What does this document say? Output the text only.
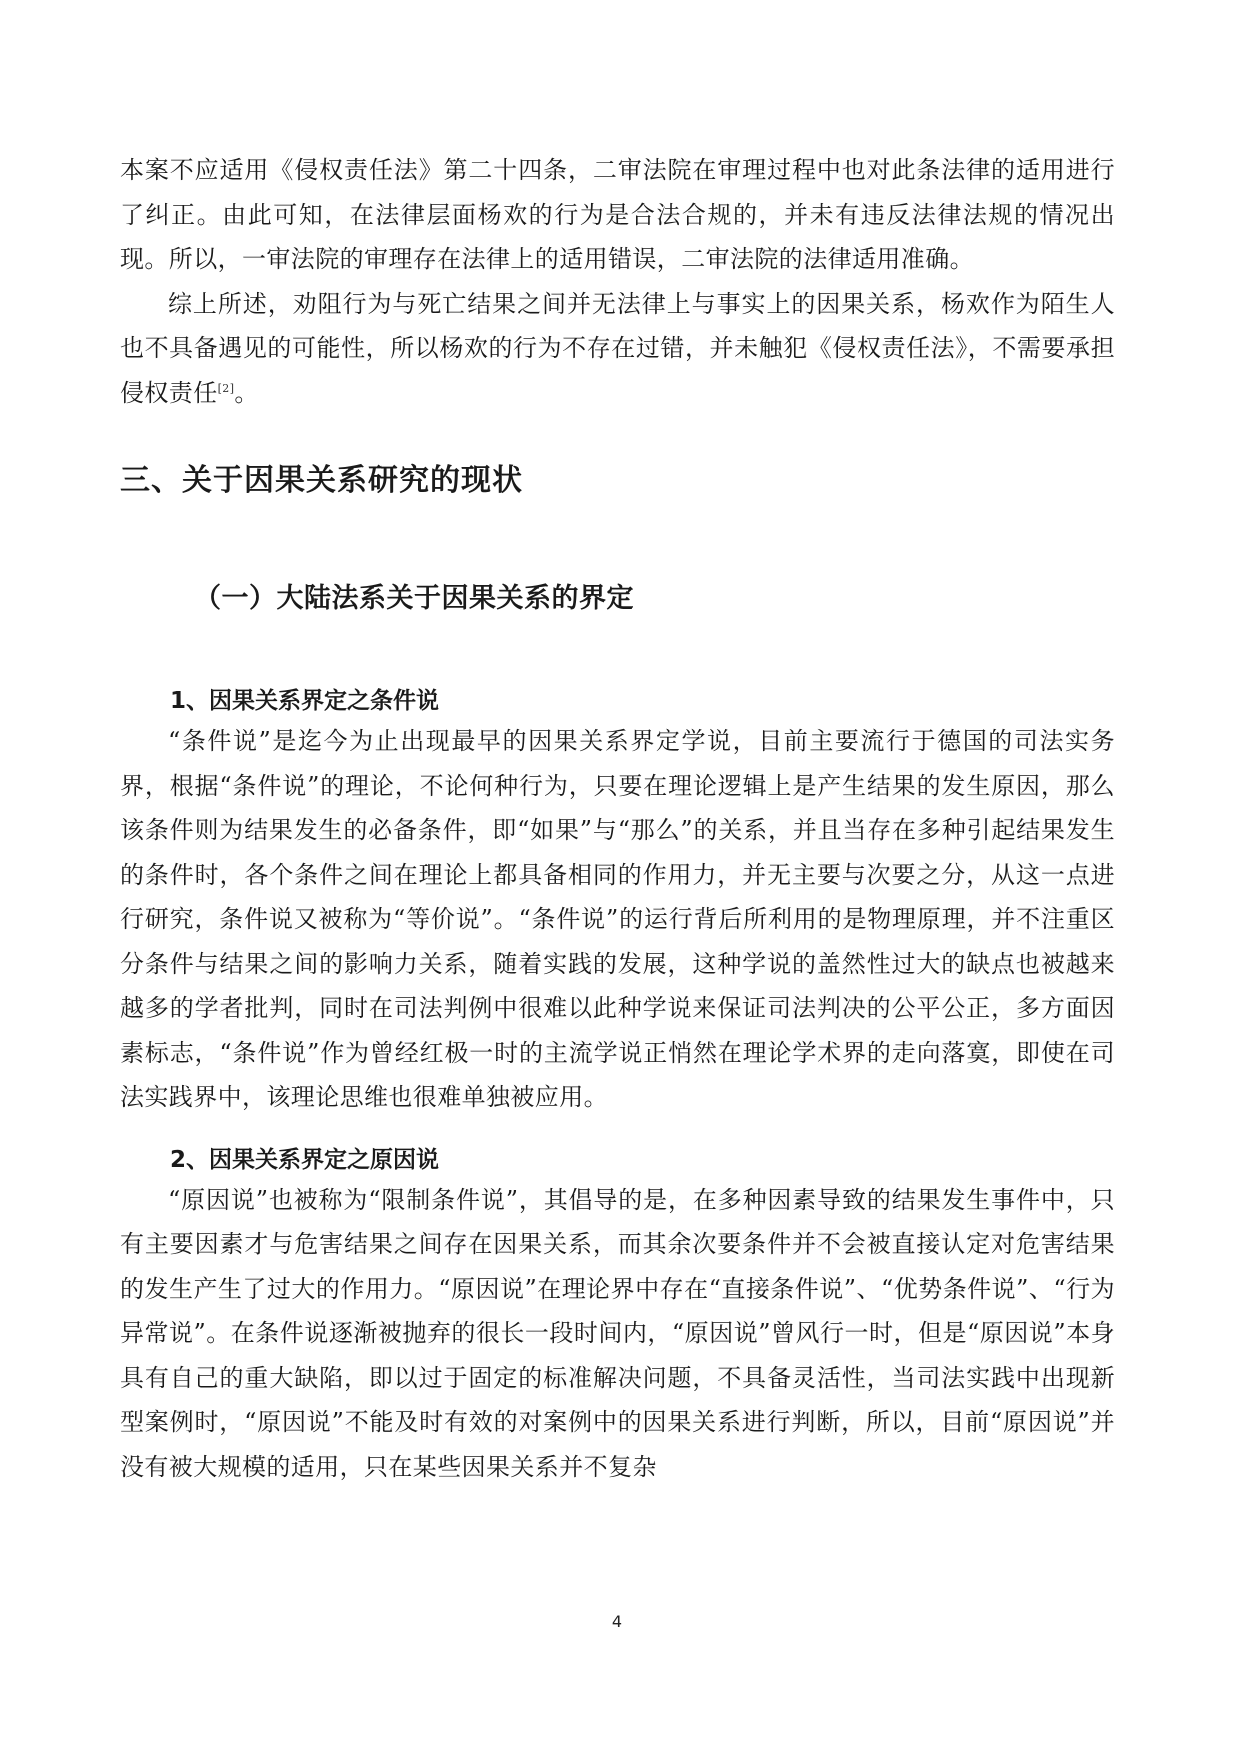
本案不应适用《侵权责任法》第二十四条，二审法院在审理过程中也对此条法律的适用进行了纠正。由此可知，在法律层面杨欢的行为是合法合规的，并未有违反法律法规的情况出现。所以，一审法院的审理存在法律上的适用错误，二审法院的法律适用准确。

综上所述，劝阻行为与死亡结果之间并无法律上与事实上的因果关系，杨欢作为陌生人也不具备遇见的可能性，所以杨欢的行为不存在过错，并未触犯《侵权责任法》，不需要承担侵权责任[2]。

三、关于因果关系研究的现状
（一）大陆法系关于因果关系的界定
1、因果关系界定之条件说

“条件说”是迄今为止出现最早的因果关系界定学说，目前主要流行于德国的司法实务界，根据“条件说”的理论，不论何种行为，只要在理论逻辑上是产生结果的发生原因，那么该条件则为结果发生的必备条件，即“如果”与“那么”的关系，并且当存在多种引起结果发生的条件时，各个条件之间在理论上都具备相同的作用力，并无主要与次要之分，从这一点进行研究，条件说又被称为“等价说”。“条件说”的运行背后所利用的是物理原理，并不注重区分条件与结果之间的影响力关系，随着实践的发展，这种学说的盖然性过大的缺点也被越来越多的学者批判，同时在司法判例中很难以此种学说来保证司法判决的公平公正，多方面因素标志，“条件说”作为曾经红极一时的主流学说正悄然在理论学术界的走向落寞，即使在司法实践界中，该理论思维也很难单独被应用。

2、因果关系界定之原因说

“原因说”也被称为“限制条件说”，其倡导的是，在多种因素导致的结果发生事件中，只有主要因素才与危害结果之间存在因果关系，而其余次要条件并不会被直接认定对危害结果的发生产生了过大的作用力。“原因说”在理论界中存在“直接条件说”、“优势条件说”、“行为异常说”。在条件说逐渐被抛弃的很长一段时间内，“原因说”曾风行一时，但是“原因说”本身具有自己的重大缺陷，即以过于固定的标准解决问题，不具备灵活性，当司法实践中出现新型案例时，“原因说”不能及时有效的对案例中的因果关系进行判断，所以，目前“原因说”并没有被大规模的适用，只在某些因果关系并不复杂

4
